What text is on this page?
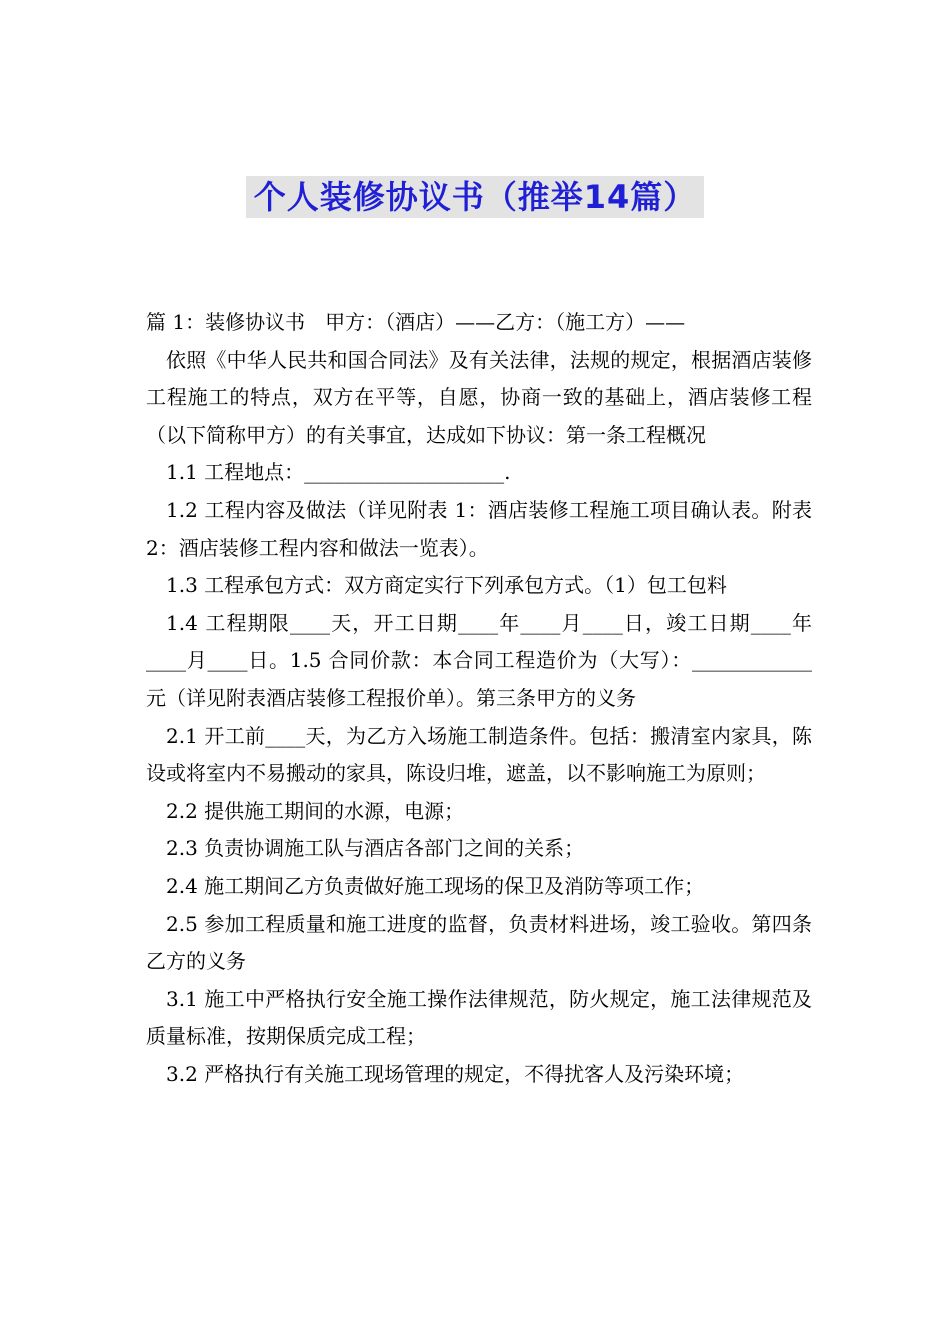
个人装修协议书（推举14篇）

篇 1：装修协议书　甲方：（酒店）——乙方：（施工方）——

依照《中华人民共和国合同法》及有关法律，法规的规定，根据酒店装修工程施工的特点，双方在平等，自愿，协商一致的基础上，酒店装修工程（以下简称甲方）的有关事宜，达成如下协议：第一条工程概况

1.1 工程地点：____________________.

1.2 工程内容及做法（详见附表 1：酒店装修工程施工项目确认表。附表 2：酒店装修工程内容和做法一览表）。

1.3 工程承包方式：双方商定实行下列承包方式。（1）包工包料

1.4 工程期限____天，开工日期____年____月____日，竣工日期____年____月____日。1.5 合同价款：本合同工程造价为（大写）：____________元（详见附表酒店装修工程报价单）。第三条甲方的义务

2.1 开工前____天，为乙方入场施工制造条件。包括：搬清室内家具，陈设或将室内不易搬动的家具，陈设归堆，遮盖，以不影响施工为原则；

2.2 提供施工期间的水源，电源；

2.3 负责协调施工队与酒店各部门之间的关系；

2.4 施工期间乙方负责做好施工现场的保卫及消防等项工作；

2.5 参加工程质量和施工进度的监督，负责材料进场，竣工验收。第四条乙方的义务

3.1 施工中严格执行安全施工操作法律规范，防火规定，施工法律规范及质量标准，按期保质完成工程；

3.2 严格执行有关施工现场管理的规定，不得扰客人及污染环境；
